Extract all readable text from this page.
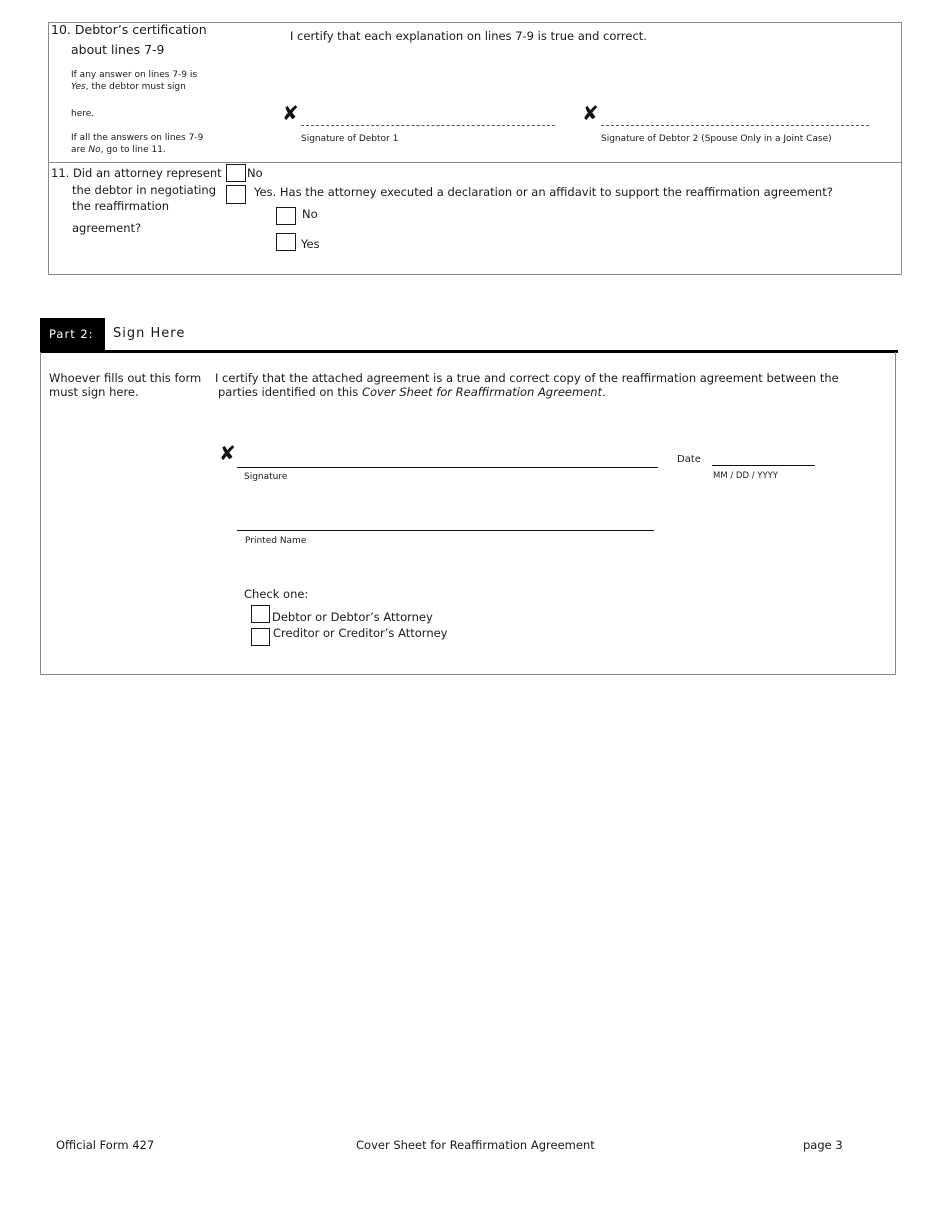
10. Debtor’s certification
about lines 7-9
If any answer on lines 7-9 is
Yes, the debtor must sign
here.
If all the answers on lines 7-9
are No, go to line 11.
I certify that each explanation on lines 7-9 is true and correct.
✘
Signature of Debtor 1
✘
Signature of Debtor 2 (Spouse Only in a Joint Case)
11. Did an attorney represent
the debtor in negotiating
the reaffirmation
agreement?
No
Yes. Has the attorney executed a declaration or an affidavit to support the reaffirmation agreement?
No
Yes
Part 2: Sign Here
Whoever fills out this form
must sign here.
I certify that the attached agreement is a true and correct copy of the reaffirmation agreement between the
parties identified on this Cover Sheet for Reaffirmation Agreement.
✘
Signature
Date
MM / DD / YYYY
Printed Name
Check one:
Debtor or Debtor’s Attorney
Creditor or Creditor’s Attorney
Official Form 427	Cover Sheet for Reaffirmation Agreement	page 3
